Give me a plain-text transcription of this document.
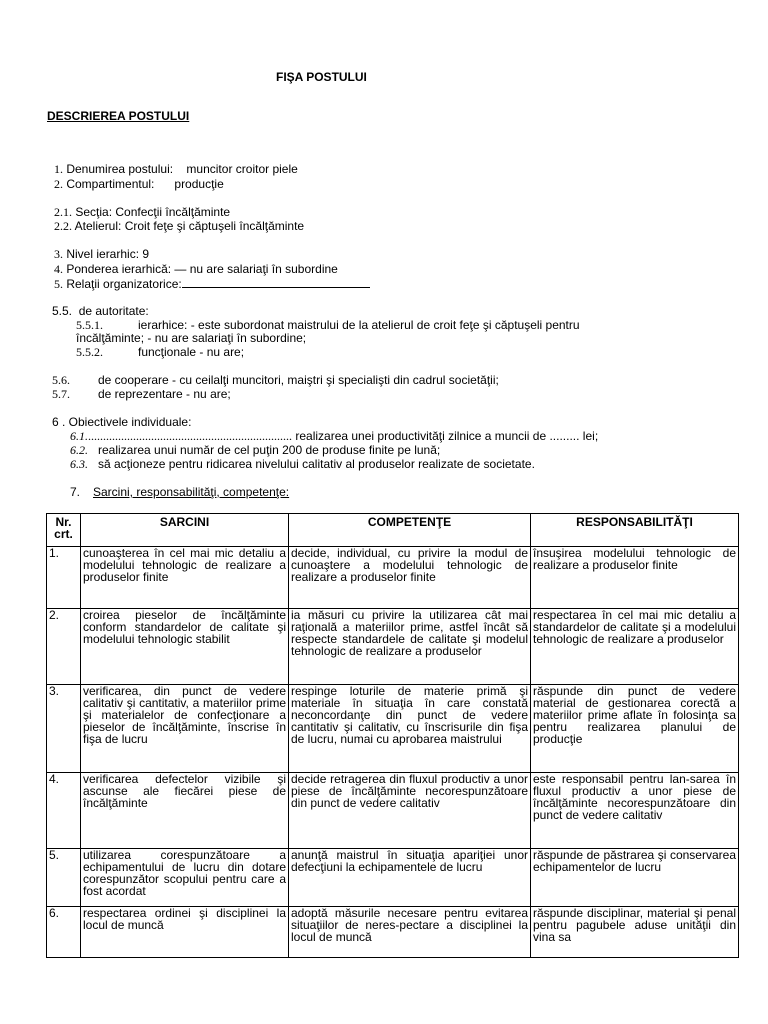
FIŞA POSTULUI
DESCRIEREA POSTULUI
1. Denumirea postului: muncitor croitor piele
2. Compartimentul: producţie
2.1. Secţia: Confecţii încălţăminte
2.2. Atelierul: Croit feţe şi căptuşeli încălţăminte
3. Nivel ierarhic: 9
4. Ponderea ierarhică: — nu are salariaţi în subordine
5. Relaţii organizatorice:
5.5. de autoritate:
5.5.1.	ierarhice: - este subordonat maistrului de la atelierul de croit feţe şi căptuşeli pentru
încălţăminte; - nu are salariaţi în subordine;
5.5.2.	funcţionale - nu are;
5.6. de cooperare - cu ceilalţi muncitori, maiştri şi specialişti din cadrul societăţii;
5.7. de reprezentare - nu are;
6 . Obiectivele individuale:
6.1..................................................................... realizarea unei productivităţi zilnice a muncii de ......... lei;
6.2. realizarea unui număr de cel puţin 200 de produse finite pe lună;
6.3. să acţioneze pentru ridicarea nivelului calitativ al produselor realizate de societate.
7. Sarcini, responsabilităţi, competenţe:
Nr. crt.	SARCINI	COMPETENŢE	RESPONSABILITĂŢI
1.	cunoaşterea în cel mai mic detaliu a modelului tehnologic de realizare a produselor finite	decide, individual, cu privire la modul de cunoaştere a modelului tehnologic de realizare a produselor finite	însuşirea modelului tehnologic de realizare a produselor finite
2.	croirea pieselor de încălţăminte conform standardelor de calitate şi modelului tehnologic stabilit	ia măsuri cu privire la utilizarea cât mai raţională a materiilor prime, astfel încât să respecte standardele de calitate şi modelul tehnologic de realizare a produselor	respectarea în cel mai mic detaliu a standardelor de calitate şi a modelului tehnologic de realizare a produselor
3.	verificarea, din punct de vedere calitativ şi cantitativ, a materiilor prime şi materialelor de confecţionare a pieselor de încălţăminte, înscrise în fişa de lucru	respinge loturile de materie primă şi materiale în situaţia în care constată neconcordanţe din punct de vedere cantitativ şi calitativ, cu înscrisurile din fişa de lucru, numai cu aprobarea maistrului	răspunde din punct de vedere material de gestionarea corectă a materiilor prime aflate în folosinţa sa pentru realizarea planului de producţie
4.	verificarea defectelor vizibile şi ascunse ale fiecărei piese de încălţăminte	decide retragerea din fluxul productiv a unor piese de încălţăminte necorespunzătoare din punct de vedere calitativ	este responsabil pentru lan-sarea în fluxul productiv a unor piese de încălţăminte necorespunzătoare din punct de vedere calitativ
5.	utilizarea corespunzătoare a echipamentului de lucru din dotare corespunzător scopului pentru care a fost acordat	anunţă maistrul în situaţia apariţiei unor defecţiuni la echipamentele de lucru	răspunde de păstrarea şi conservarea echipamentelor de lucru
6.	respectarea ordinei şi disciplinei la locul de muncă	adoptă măsurile necesare pentru evitarea situaţiilor de neres-pectare a disciplinei la locul de muncă	răspunde disciplinar, material şi penal pentru pagubele aduse unităţii din vina sa
